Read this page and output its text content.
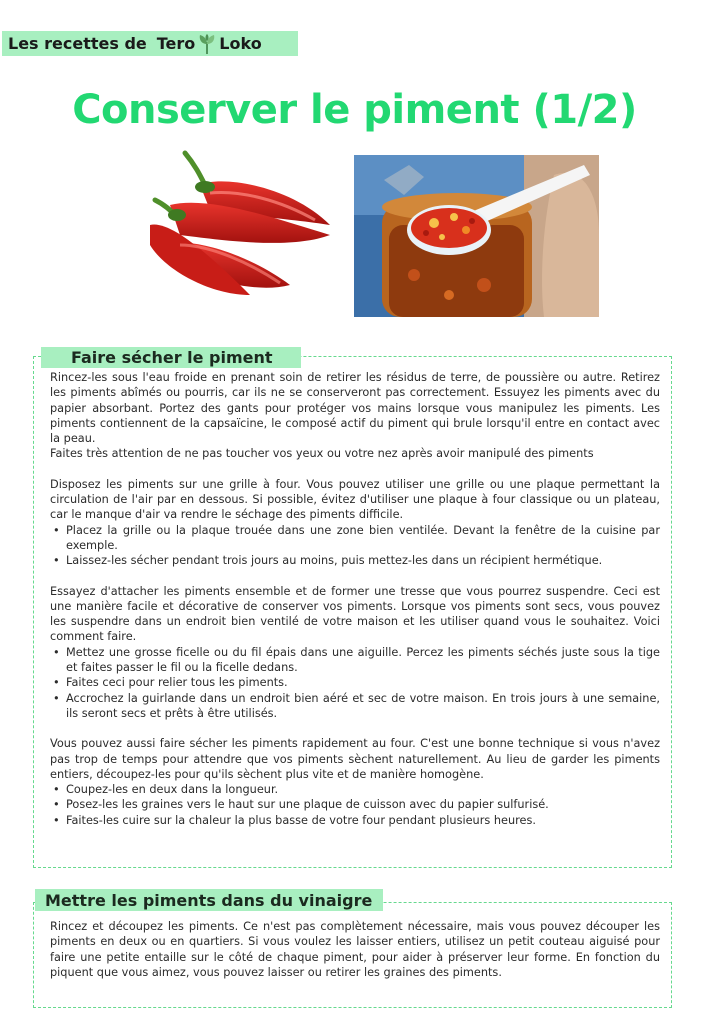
Les recettes de Tero Loko
Conserver le piment (1/2)
Faire sécher le piment

Rincez-les sous l'eau froide en prenant soin de retirer les résidus de terre, de poussière ou autre. Retirez les piments abîmés ou pourris, car ils ne se conserveront pas correctement. Essuyez les piments avec du papier absorbant. Portez des gants pour protéger vos mains lorsque vous manipulez les piments. Les piments contiennent de la capsaïcine, le composé actif du piment qui brule lorsqu'il entre en contact avec la peau.

Faites très attention de ne pas toucher vos yeux ou votre nez après avoir manipulé des piments

Disposez les piments sur une grille à four. Vous pouvez utiliser une grille ou une plaque permettant la circulation de l'air par en dessous. Si possible, évitez d'utiliser une plaque à four classique ou un plateau, car le manque d'air va rendre le séchage des piments difficile.

• Placez la grille ou la plaque trouée dans une zone bien ventilée. Devant la fenêtre de la cuisine par exemple.
• Laissez-les sécher pendant trois jours au moins, puis mettez-les dans un récipient hermétique.

Essayez d'attacher les piments ensemble et de former une tresse que vous pourrez suspendre. Ceci est une manière facile et décorative de conserver vos piments. Lorsque vos piments sont secs, vous pouvez les suspendre dans un endroit bien ventilé de votre maison et les utiliser quand vous le souhaitez. Voici comment faire.

• Mettez une grosse ficelle ou du fil épais dans une aiguille. Percez les piments séchés juste sous la tige et faites passer le fil ou la ficelle dedans.
• Faites ceci pour relier tous les piments.
• Accrochez la guirlande dans un endroit bien aéré et sec de votre maison. En trois jours à une semaine, ils seront secs et prêts à être utilisés.

Vous pouvez aussi faire sécher les piments rapidement au four. C'est une bonne technique si vous n'avez pas trop de temps pour attendre que vos piments sèchent naturellement. Au lieu de garder les piments entiers, découpez-les pour qu'ils sèchent plus vite et de manière homogène.

• Coupez-les en deux dans la longueur.
• Posez-les les graines vers le haut sur une plaque de cuisson avec du papier sulfurisé.
• Faites-les cuire sur la chaleur la plus basse de votre four pendant plusieurs heures.
Mettre les piments dans du vinaigre

Rincez et découpez les piments. Ce n'est pas complètement nécessaire, mais vous pouvez découper les piments en deux ou en quartiers. Si vous voulez les laisser entiers, utilisez un petit couteau aiguisé pour faire une petite entaille sur le côté de chaque piment, pour aider à préserver leur forme. En fonction du piquent que vous aimez, vous pouvez laisser ou retirer les graines des piments.
